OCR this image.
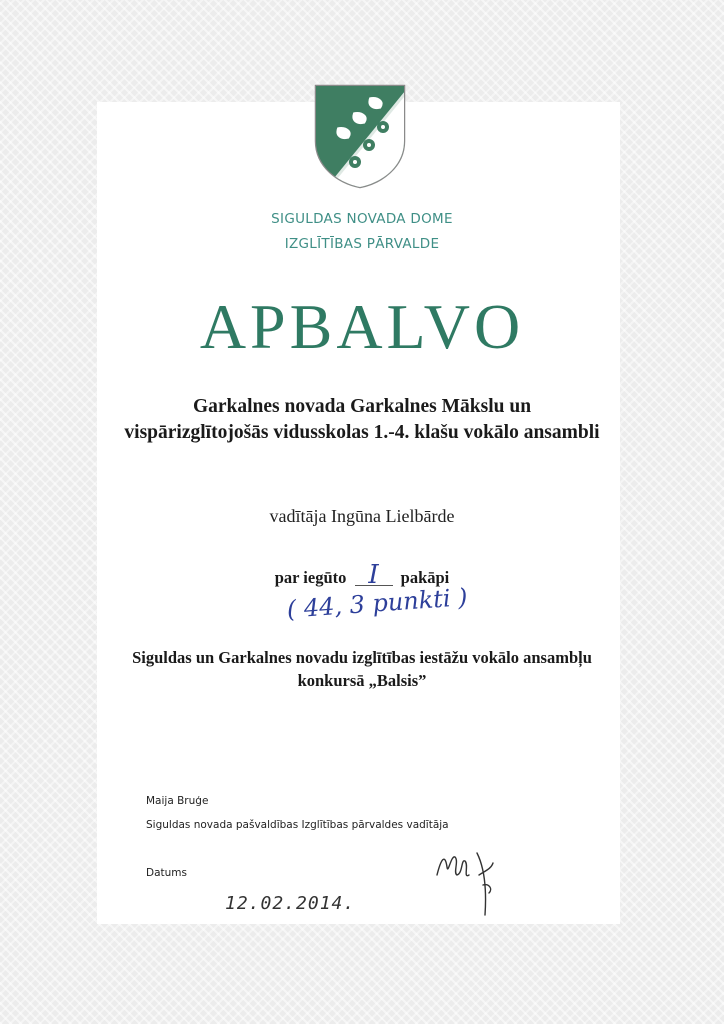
SIGULDAS NOVADA DOME
IZGLĪTĪBAS PĀRVALDE
APBALVO
Garkalnes novada Garkalnes Mākslu un vispārizglītojošās vidusskolas 1.-4. klašu vokālo ansambli
vadītāja Ingūna Lielbārde
par iegūto I pakāpi
( 44, 3 punkti )
Siguldas un Garkalnes novadu izglītības iestāžu vokālo ansambļu konkursā „Balsis”
Maija Bruģe
Siguldas novada pašvaldības Izglītības pārvaldes vadītāja
Datums
12.02.2014.
